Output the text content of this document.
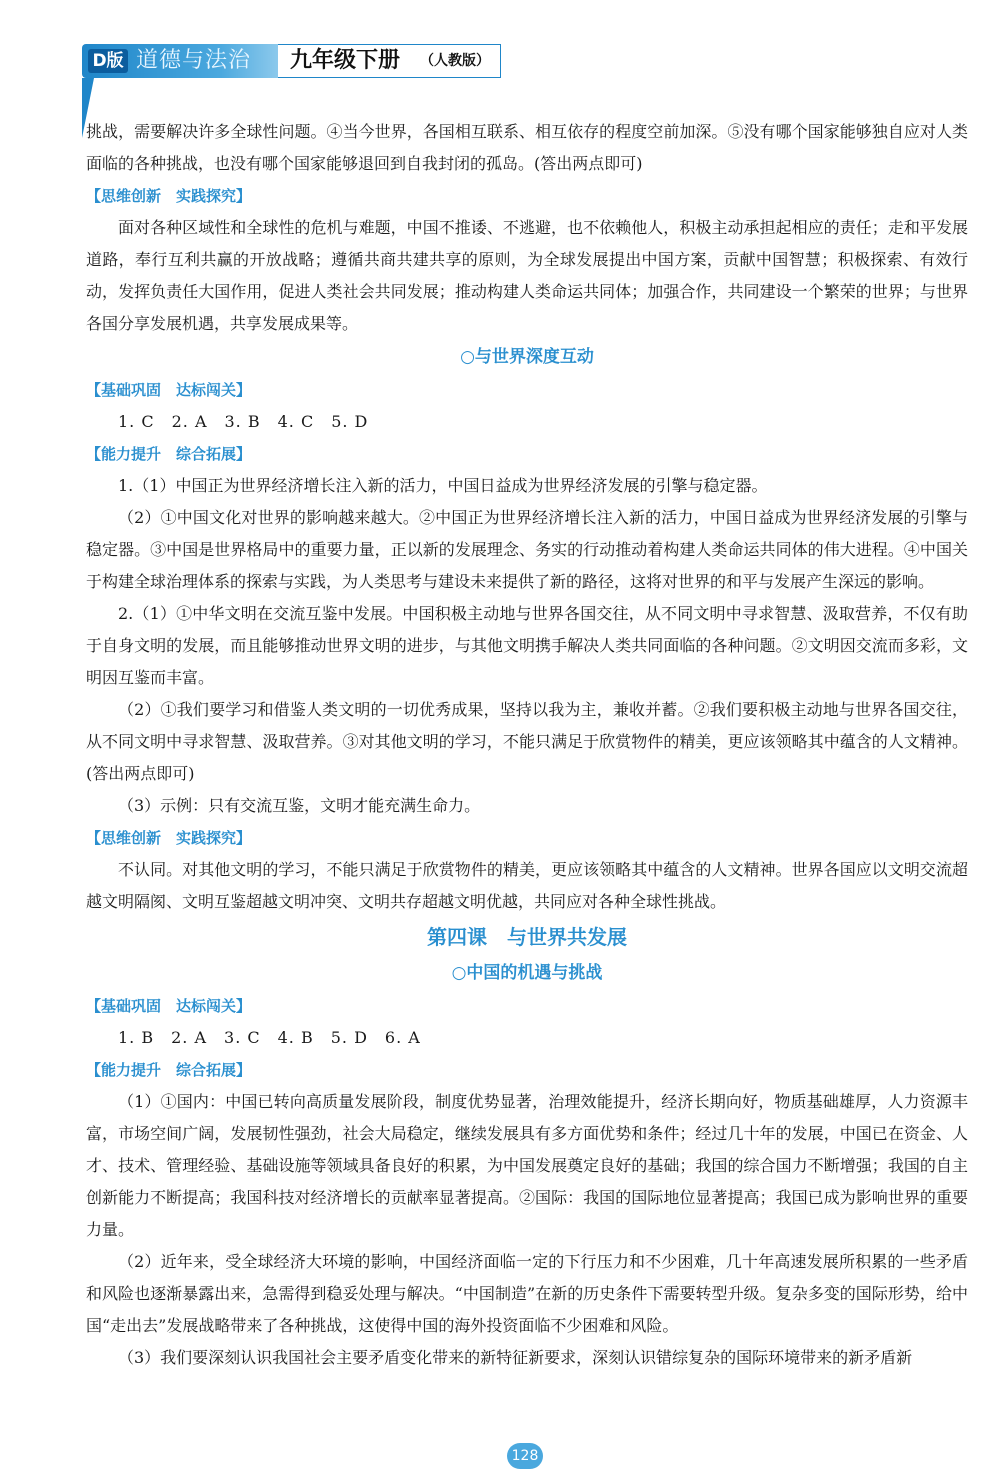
D版 道德与法治 九年级下册 （人教版）

挑战，需要解决许多全球性问题。④当今世界，各国相互联系、相互依存的程度空前加深。⑤没有哪个国家能够独自应对人类面临的各种挑战，也没有哪个国家能够退回到自我封闭的孤岛。(答出两点即可)

【思维创新　实践探究】

面对各种区域性和全球性的危机与难题，中国不推诿、不逃避，也不依赖他人，积极主动承担起相应的责任；走和平发展道路，奉行互利共赢的开放战略；遵循共商共建共享的原则，为全球发展提出中国方案，贡献中国智慧；积极探索、有效行动，发挥负责任大国作用，促进人类社会共同发展；推动构建人类命运共同体；加强合作，共同建设一个繁荣的世界；与世界各国分享发展机遇，共享发展成果等。

○与世界深度互动

【基础巩固　达标闯关】

1. C　2. A　3. B　4. C　5. D

【能力提升　综合拓展】

1.（1）中国正为世界经济增长注入新的活力，中国日益成为世界经济发展的引擎与稳定器。

（2）①中国文化对世界的影响越来越大。②中国正为世界经济增长注入新的活力，中国日益成为世界经济发展的引擎与稳定器。③中国是世界格局中的重要力量，正以新的发展理念、务实的行动推动着构建人类命运共同体的伟大进程。④中国关于构建全球治理体系的探索与实践，为人类思考与建设未来提供了新的路径，这将对世界的和平与发展产生深远的影响。

2.（1）①中华文明在交流互鉴中发展。中国积极主动地与世界各国交往，从不同文明中寻求智慧、汲取营养，不仅有助于自身文明的发展，而且能够推动世界文明的进步，与其他文明携手解决人类共同面临的各种问题。②文明因交流而多彩，文明因互鉴而丰富。

（2）①我们要学习和借鉴人类文明的一切优秀成果，坚持以我为主，兼收并蓄。②我们要积极主动地与世界各国交往，从不同文明中寻求智慧、汲取营养。③对其他文明的学习，不能只满足于欣赏物件的精美，更应该领略其中蕴含的人文精神。(答出两点即可)

（3）示例：只有交流互鉴，文明才能充满生命力。

【思维创新　实践探究】

不认同。对其他文明的学习，不能只满足于欣赏物件的精美，更应该领略其中蕴含的人文精神。世界各国应以文明交流超越文明隔阂、文明互鉴超越文明冲突、文明共存超越文明优越，共同应对各种全球性挑战。

第四课　与世界共发展

○中国的机遇与挑战

【基础巩固　达标闯关】

1. B　2. A　3. C　4. B　5. D　6. A

【能力提升　综合拓展】

（1）①国内：中国已转向高质量发展阶段，制度优势显著，治理效能提升，经济长期向好，物质基础雄厚，人力资源丰富，市场空间广阔，发展韧性强劲，社会大局稳定，继续发展具有多方面优势和条件；经过几十年的发展，中国已在资金、人才、技术、管理经验、基础设施等领域具备良好的积累，为中国发展奠定良好的基础；我国的综合国力不断增强；我国的自主创新能力不断提高；我国科技对经济增长的贡献率显著提高。②国际：我国的国际地位显著提高；我国已成为影响世界的重要力量。

（2）近年来，受全球经济大环境的影响，中国经济面临一定的下行压力和不少困难，几十年高速发展所积累的一些矛盾和风险也逐渐暴露出来，急需得到稳妥处理与解决。“中国制造”在新的历史条件下需要转型升级。复杂多变的国际形势，给中国“走出去”发展战略带来了各种挑战，这使得中国的海外投资面临不少困难和风险。

（3）我们要深刻认识我国社会主要矛盾变化带来的新特征新要求，深刻认识错综复杂的国际环境带来的新矛盾新

128
